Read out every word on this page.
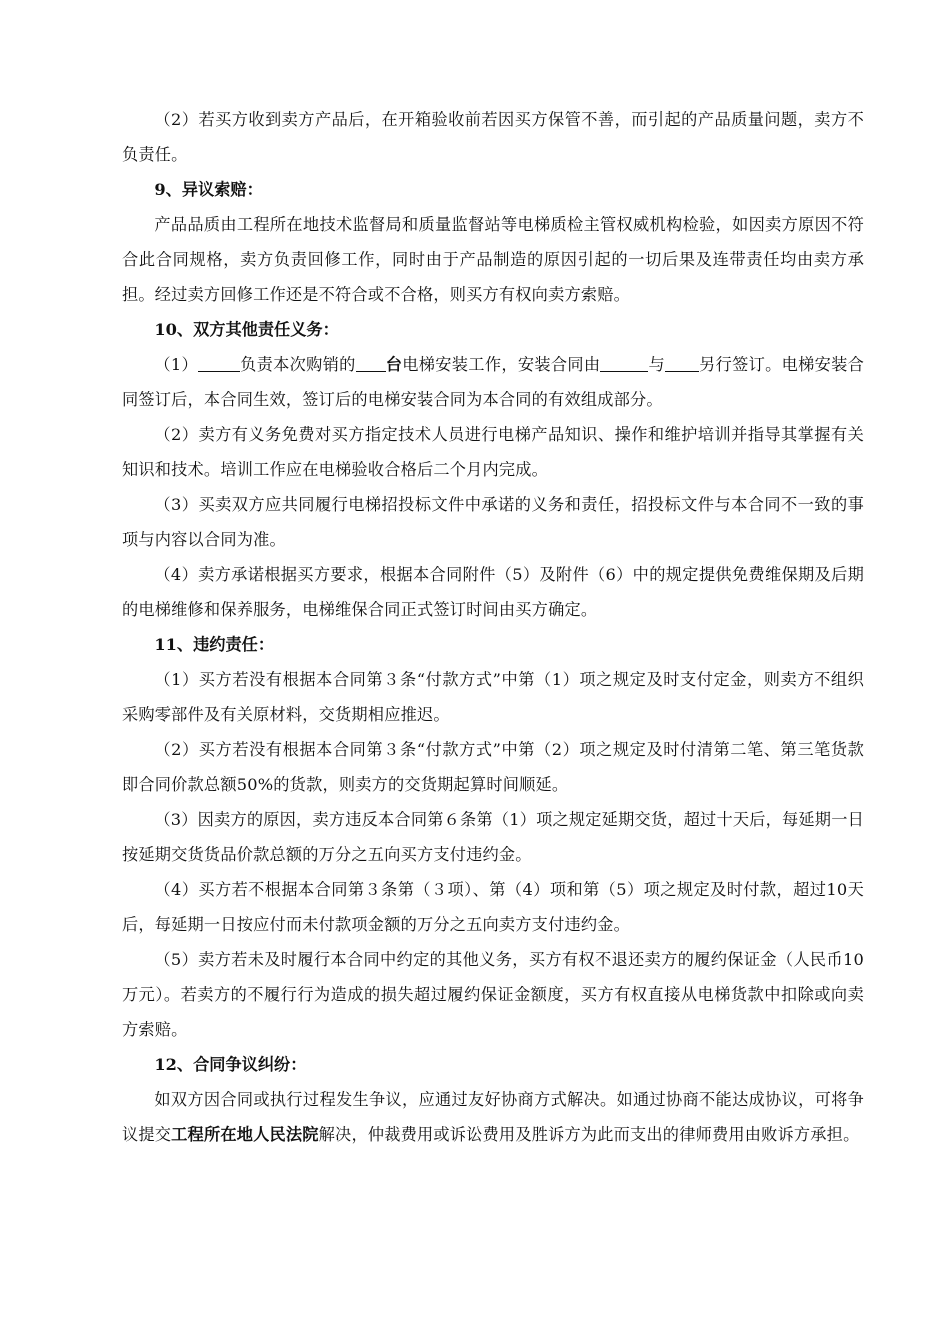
（2）若买方收到卖方产品后，在开箱验收前若因买方保管不善，而引起的产品质量问题，卖方不负责任。

9、异议索赔：

产品品质由工程所在地技术监督局和质量监督站等电梯质检主管权威机构检验，如因卖方原因不符合此合同规格，卖方负责回修工作，同时由于产品制造的原因引起的一切后果及连带责任均由卖方承担。经过卖方回修工作还是不符合或不合格，则买方有权向卖方索赔。

10、双方其他责任义务：

（1）	负责本次购销的 台电梯安装工作，安装合同由	与 另行签订。电梯安装合同签订后，本合同生效，签订后的电梯安装合同为本合同的有效组成部分。

（2）卖方有义务免费对买方指定技术人员进行电梯产品知识、操作和维护培训并指导其掌握有关知识和技术。培训工作应在电梯验收合格后二个月内完成。

（3）买卖双方应共同履行电梯招投标文件中承诺的义务和责任，招投标文件与本合同不一致的事项与内容以合同为准。

（4）卖方承诺根据买方要求，根据本合同附件（5）及附件（6）中的规定提供免费维保期及后期的电梯维修和保养服务，电梯维保合同正式签订时间由买方确定。

11、违约责任：

（1）买方若没有根据本合同第３条“付款方式”中第（1）项之规定及时支付定金，则卖方不组织采购零部件及有关原材料，交货期相应推迟。

（2）买方若没有根据本合同第３条“付款方式”中第（2）项之规定及时付清第二笔、第三笔货款即合同价款总额50%的货款，则卖方的交货期起算时间顺延。

（3）因卖方的原因，卖方违反本合同第６条第（1）项之规定延期交货，超过十天后，每延期一日按延期交货货品价款总额的万分之五向买方支付违约金。

（4）买方若不根据本合同第３条第（３项）、第（4）项和第（5）项之规定及时付款，超过10天后，每延期一日按应付而未付款项金额的万分之五向卖方支付违约金。

（5）卖方若未及时履行本合同中约定的其他义务，买方有权不退还卖方的履约保证金（人民币10万元）。若卖方的不履行行为造成的损失超过履约保证金额度，买方有权直接从电梯货款中扣除或向卖方索赔。

12、合同争议纠纷：

如双方因合同或执行过程发生争议，应通过友好协商方式解决。如通过协商不能达成协议，可将争议提交工程所在地人民法院解决，仲裁费用或诉讼费用及胜诉方为此而支出的律师费用由败诉方承担。
